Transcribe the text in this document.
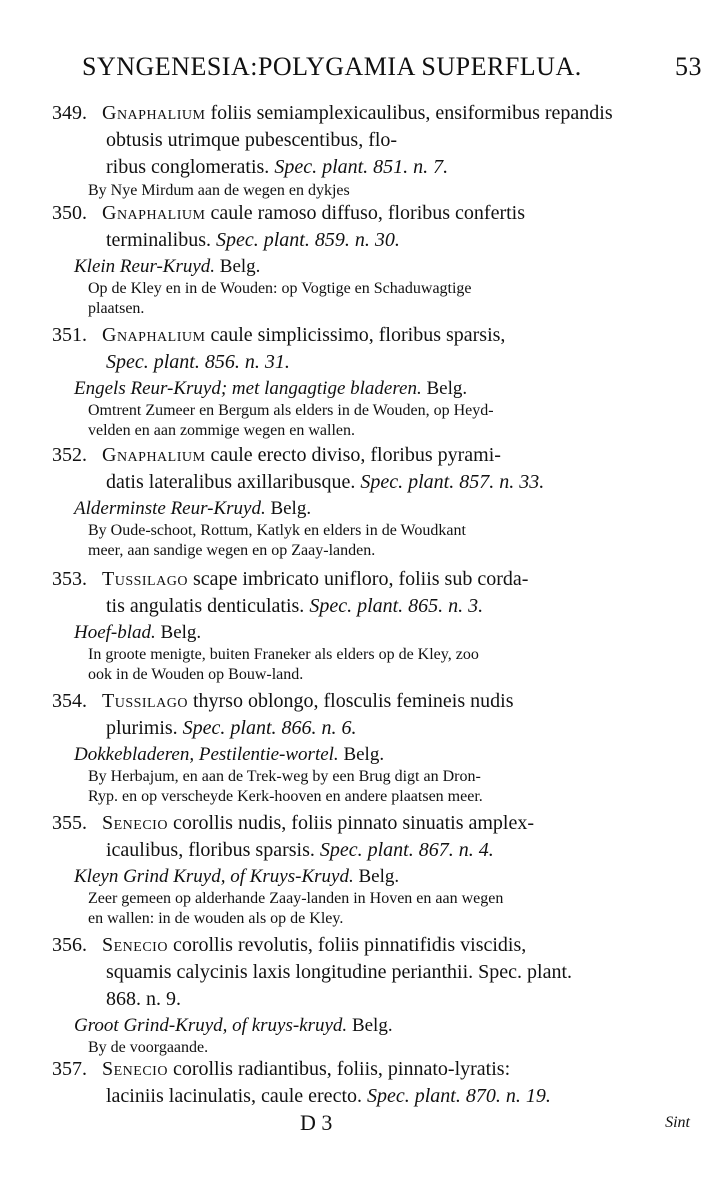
SYNGENESIA:POLYGAMIA SUPERFLUA.	53
349. Gnaphalium foliis semiamplexicaulibus, ensiformibus repandis
obtusis utrimque pubescentibus, flo-
ribus conglomeratis. Spec. plant. 851. n. 7.
By Nye Mirdum aan de wegen en dykjes
350. Gnaphalium caule ramoso diffuso, floribus confertis
terminalibus. Spec. plant. 859. n. 30.
Klein Reur-Kruyd. Belg.
Op de Kley en in de Wouden: op Vogtige en Schaduwagtige
plaatsen.
351. Gnaphalium caule simplicissimo, floribus sparsis,
Spec. plant. 856. n. 31.
Engels Reur-Kruyd; met langagtige bladeren. Belg.
Omtrent Zumeer en Bergum als elders in de Wouden, op Heyd-
velden en aan zommige wegen en wallen.
352. Gnaphalium caule erecto diviso, floribus pyrami-
datis lateralibus axillaribusque. Spec. plant. 857. n. 33.
Alderminste Reur-Kruyd. Belg.
By Oude-schoot, Rottum, Katlyk en elders in de Woudkant
meer, aan sandige wegen en op Zaay-landen.
353. Tussilago scape imbricato unifloro, foliis sub corda-
tis angulatis denticulatis. Spec. plant. 865. n. 3.
Hoef-blad. Belg.
In groote menigte, buiten Franeker als elders op de Kley, zoo
ook in de Wouden op Bouw-land.
354. Tussilago thyrso oblongo, flosculis femineis nudis
plurimis. Spec. plant. 866. n. 6.
Dokkebladeren, Pestilentie-wortel. Belg.
By Herbajum, en aan de Trek-weg by een Brug digt an Dron-
Ryp. en op verscheyde Kerk-hooven en andere plaatsen meer.
355. Senecio corollis nudis, foliis pinnato sinuatis amplex-
icaulibus, floribus sparsis. Spec. plant. 867. n. 4.
Kleyn Grind Kruyd, of Kruys-Kruyd. Belg.
Zeer gemeen op alderhande Zaay-landen in Hoven en aan wegen
en wallen: in de wouden als op de Kley.
356. Senecio corollis revolutis, foliis pinnatifidis viscidis,
squamis calycinis laxis longitudine perianthii. Spec. plant.
868. n. 9.
Groot Grind-Kruyd, of kruys-kruyd. Belg.
By de voorgaande.
357. Senecio corollis radiantibus, foliis, pinnato-lyratis:
laciniis lacinulatis, caule erecto. Spec. plant. 870. n. 19.
D 3	Sint
